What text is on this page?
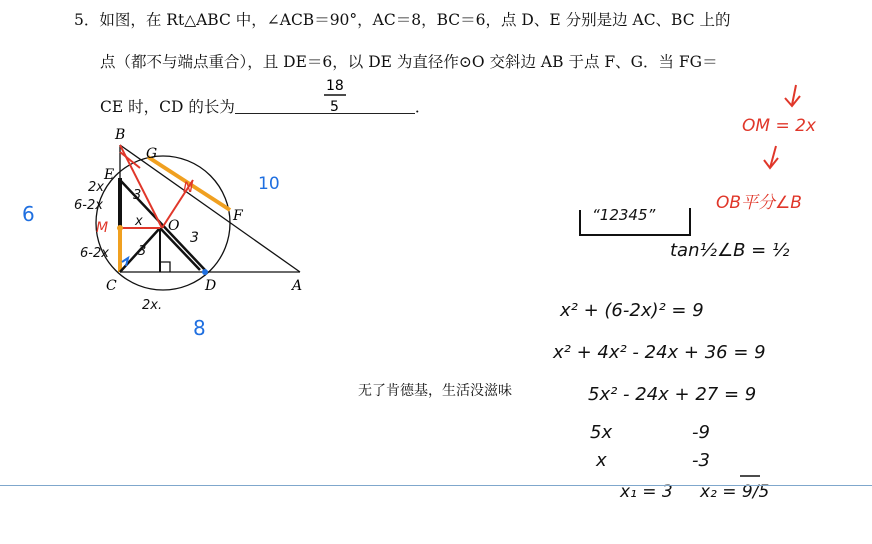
5．如图，在 Rt△ABC 中，∠ACB＝90°，AC＝8，BC＝6，点 D、E 分别是边 AC、BC 上的
点（都不与端点重合），且 DE＝6，以 DE 为直径作⊙O 交斜边 AB 于点 F、G．当 FG＝
CE 时，CD 的长为	．
B
G
E
F
O
C	D	A
N
M
18
5
6
10
8
2x
6-2x
6-2x
2x.
x
3
3
3
OM = 2x
OB平分∠B
“12345”
tan½∠B = ½
x² + (6-2x)² = 9
x² + 4x² - 24x + 36 = 9
5x² - 24x + 27 = 9
5x	-9
x	-3
x₁ = 3 x₂ = 9/5
无了肯德基，生活没滋味
